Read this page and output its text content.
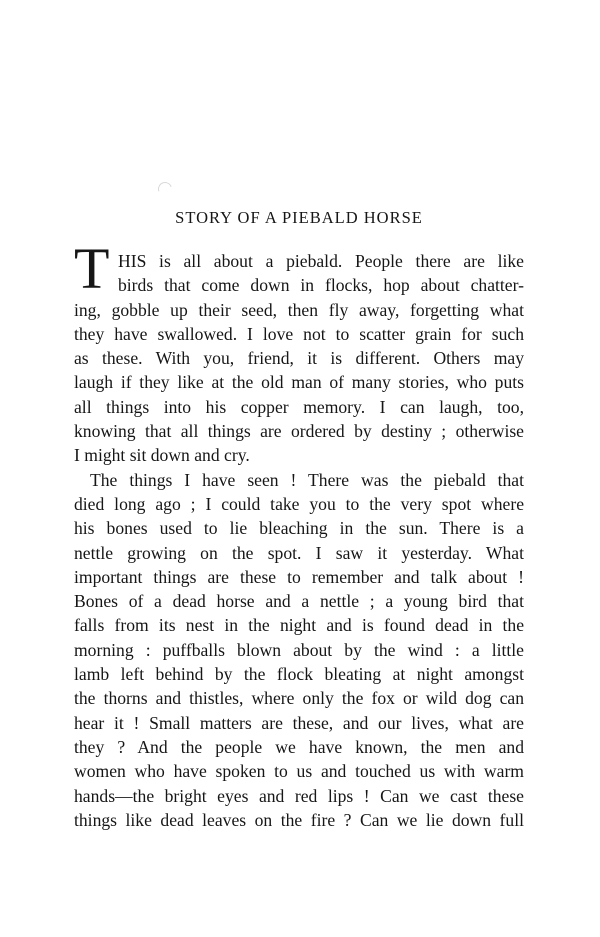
STORY OF A PIEBALD HORSE
T HIS is all about a piebald. People there are like
birds that come down in flocks, hop about chatter-
ing, gobble up their seed, then fly away, forgetting what
they have swallowed. I love not to scatter grain for such
as these. With you, friend, it is different. Others may
laugh if they like at the old man of many stories, who puts
all things into his copper memory. I can laugh, too,
knowing that all things are ordered by destiny ; otherwise
I might sit down and cry.
The things I have seen ! There was the piebald that
died long ago ; I could take you to the very spot where
his bones used to lie bleaching in the sun. There is a
nettle growing on the spot. I saw it yesterday. What
important things are these to remember and talk about !
Bones of a dead horse and a nettle ; a young bird that
falls from its nest in the night and is found dead in the
morning : puffballs blown about by the wind : a little
lamb left behind by the flock bleating at night amongst
the thorns and thistles, where only the fox or wild dog can
hear it ! Small matters are these, and our lives, what are
they ? And the people we have known, the men and
women who have spoken to us and touched us with warm
hands—the bright eyes and red lips ! Can we cast these
things like dead leaves on the fire ? Can we lie down full
